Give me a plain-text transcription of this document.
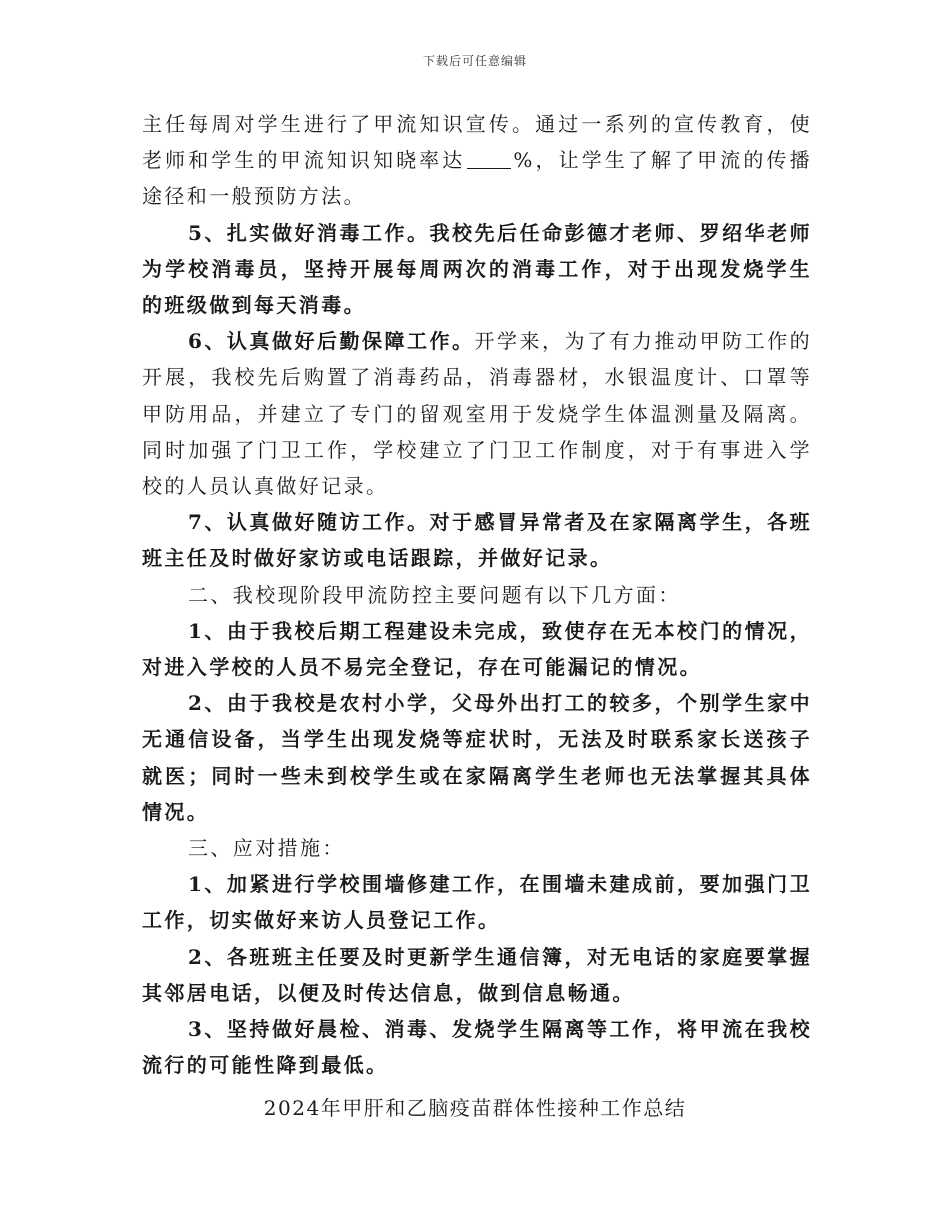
下载后可任意编辑

主任每周对学生进行了甲流知识宣传。通过一系列的宣传教育，使老师和学生的甲流知识知晓率达 %，让学生了解了甲流的传播途径和一般预防方法。

5、扎实做好消毒工作。我校先后任命彭德才老师、罗绍华老师为学校消毒员，坚持开展每周两次的消毒工作，对于出现发烧学生的班级做到每天消毒。

6、认真做好后勤保障工作。开学来，为了有力推动甲防工作的开展，我校先后购置了消毒药品，消毒器材，水银温度计、口罩等甲防用品，并建立了专门的留观室用于发烧学生体温测量及隔离。同时加强了门卫工作，学校建立了门卫工作制度，对于有事进入学校的人员认真做好记录。

7、认真做好随访工作。对于感冒异常者及在家隔离学生，各班班主任及时做好家访或电话跟踪，并做好记录。

二、我校现阶段甲流防控主要问题有以下几方面：

1、由于我校后期工程建设未完成，致使存在无本校门的情况，对进入学校的人员不易完全登记，存在可能漏记的情况。

2、由于我校是农村小学，父母外出打工的较多，个别学生家中无通信设备，当学生出现发烧等症状时，无法及时联系家长送孩子就医；同时一些未到校学生或在家隔离学生老师也无法掌握其具体情况。

三、应对措施：

1、加紧进行学校围墙修建工作，在围墙未建成前，要加强门卫工作，切实做好来访人员登记工作。

2、各班班主任要及时更新学生通信簿，对无电话的家庭要掌握其邻居电话，以便及时传达信息，做到信息畅通。

3、坚持做好晨检、消毒、发烧学生隔离等工作，将甲流在我校流行的可能性降到最低。

2024年甲肝和乙脑疫苗群体性接种工作总结
